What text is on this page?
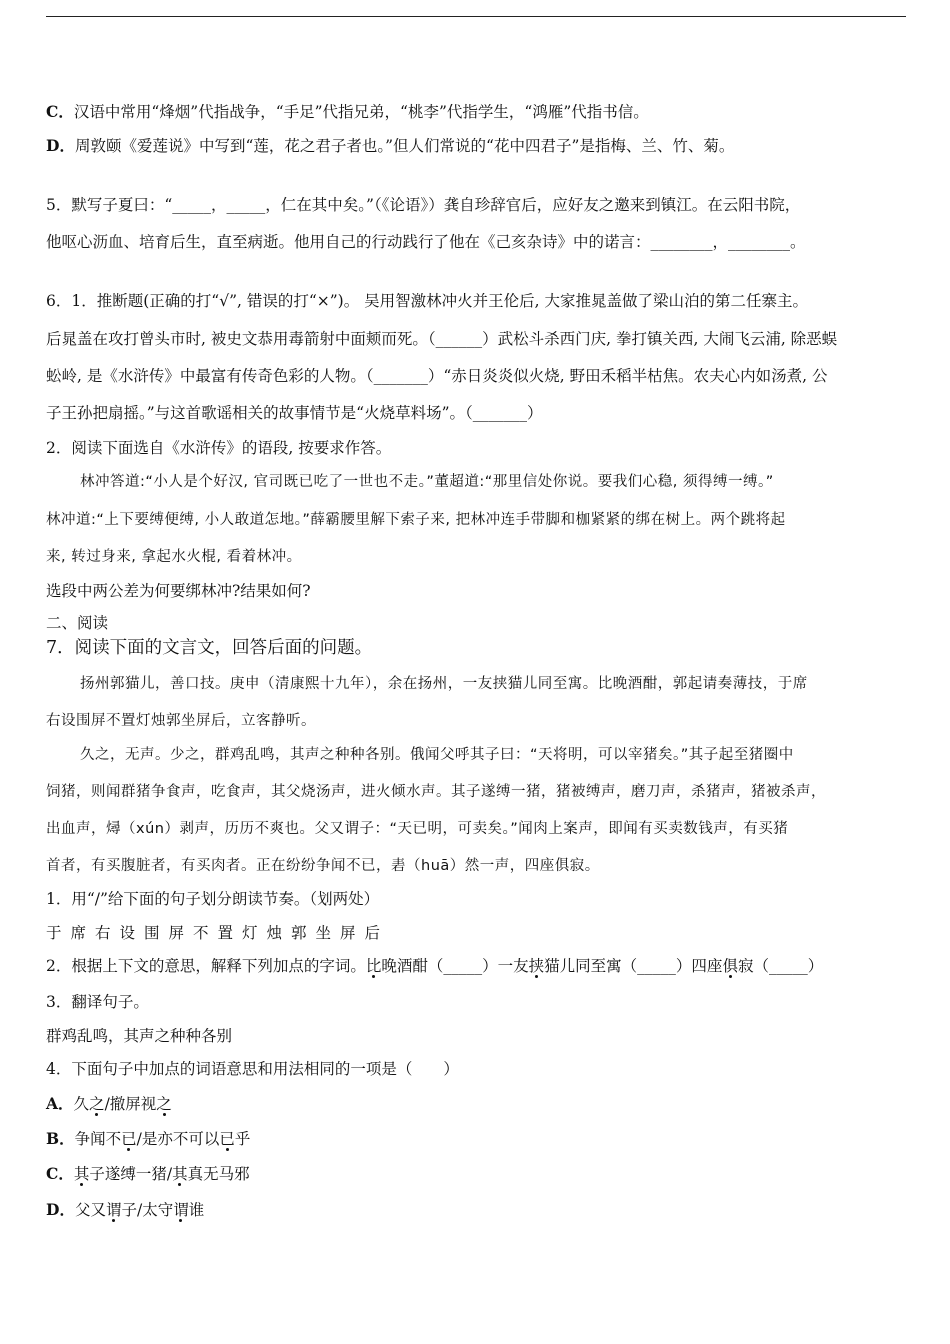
C．汉语中常用“烽烟”代指战争，“手足”代指兄弟，“桃李”代指学生，“鸿雁”代指书信。
D．周敦颐《爱莲说》中写到“莲，花之君子者也。”但人们常说的“花中四君子”是指梅、兰、竹、菊。
5．默写子夏曰：“_____，_____，仁在其中矣。”（《论语》）龚自珍辞官后，应好友之邀来到镇江。在云阳书院，
他呕心沥血、培育后生，直至病逝。他用自己的行动践行了他在《己亥杂诗》中的诺言：________，________。
6．1．推断题(正确的打“√”, 错误的打“×”)。 吴用智激林冲火并王伦后, 大家推晁盖做了梁山泊的第二任寨主。
后晁盖在攻打曾头市时, 被史文恭用毒箭射中面颊而死。（______）武松斗杀西门庆, 拳打镇关西, 大闹飞云浦, 除恶蜈
蚣岭, 是《水浒传》中最富有传奇色彩的人物。（_______）“赤日炎炎似火烧, 野田禾稻半枯焦。农夫心内如汤煮, 公
子王孙把扇摇。”与这首歌谣相关的故事情节是“火烧草料场”。（_______）
2．阅读下面选自《水浒传》的语段, 按要求作答。
林冲答道:“小人是个好汉, 官司既已吃了一世也不走。”董超道:“那里信处你说。要我们心稳, 须得缚一缚。”
林冲道:“上下要缚便缚, 小人敢道怎地。”薛霸腰里解下索子来, 把林冲连手带脚和枷紧紧的绑在树上。两个跳将起
来, 转过身来, 拿起水火棍, 看着林冲。
选段中两公差为何要绑林冲?结果如何?
二、阅读
7．阅读下面的文言文，回答后面的问题。
扬州郭猫儿，善口技。庚申（清康熙十九年），余在扬州，一友挟猫儿同至寓。比晚酒酣，郭起请奏薄技，于席
右设围屏不置灯烛郭坐屏后，立客静听。
久之，无声。少之，群鸡乱鸣，其声之种种各别。俄闻父呼其子曰：“天将明，可以宰猪矣。”其子起至猪圈中
饲猪，则闻群猪争食声，吃食声，其父烧汤声，进火倾水声。其子遂缚一猪，猪被缚声，磨刀声，杀猪声，猪被杀声，
出血声，燖（xún）剥声，历历不爽也。父又谓子：“天已明，可卖矣。”闻肉上案声，即闻有买卖数钱声，有买猪
首者，有买腹脏者，有买肉者。正在纷纷争闻不已，砉（huā）然一声，四座俱寂。
1．用“/”给下面的句子划分朗读节奏。（划两处）
于席右设围屏不置灯烛郭坐屏后
2．根据上下文的意思，解释下列加点的字词。比晚酒酣（_____）一友挟猫儿同至寓（_____）四座俱寂（_____）
3．翻译句子。
群鸡乱鸣，其声之种种各别
4．下面句子中加点的词语意思和用法相同的一项是（　　）
A．久之/撤屏视之
B．争闻不已/是亦不可以已乎
C．其子遂缚一猪/其真无马邪
D．父又谓子/太守谓谁
